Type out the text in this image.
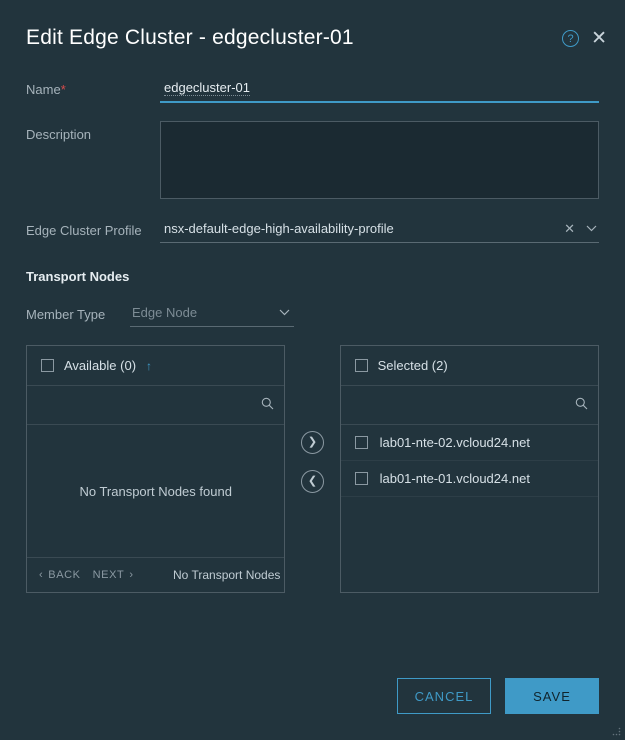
Edit Edge Cluster - edgecluster-01	? ✕
Name*	edgecluster-01
Description
Edge Cluster Profile	nsx-default-edge-high-availability-profile	✕
Transport Nodes
Member Type	Edge Node
Available (0) ↑
No Transport Nodes found
‹ BACK NEXT ›	No Transport Nodes
❯
❮
Selected (2)
lab01-nte-02.vcloud24.net
lab01-nte-01.vcloud24.net
CANCEL	SAVE
